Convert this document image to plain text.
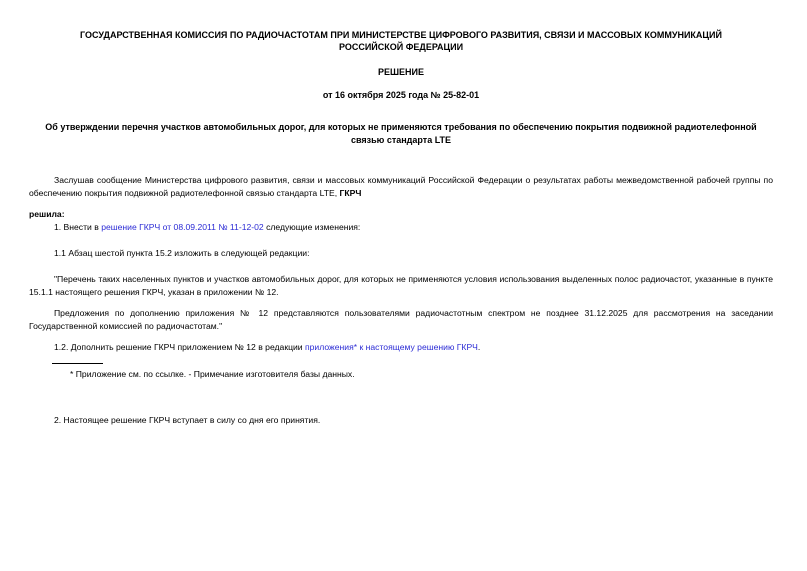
ГОСУДАРСТВЕННАЯ КОМИССИЯ ПО РАДИОЧАСТОТАМ ПРИ МИНИСТЕРСТВЕ ЦИФРОВОГО РАЗВИТИЯ, СВЯЗИ И МАССОВЫХ КОММУНИКАЦИЙ РОССИЙСКОЙ ФЕДЕРАЦИИ
РЕШЕНИЕ
от 16 октября 2025 года № 25-82-01
Об утверждении перечня участков автомобильных дорог, для которых не применяются требования по обеспечению покрытия подвижной радиотелефонной связью стандарта LTE
Заслушав сообщение Министерства цифрового развития, связи и массовых коммуникаций Российской Федерации о результатах работы межведомственной рабочей группы по обеспечению покрытия подвижной радиотелефонной связью стандарта LTE, ГКРЧ
решила:
1. Внести в решение ГКРЧ от 08.09.2011 № 11-12-02 следующие изменения:
1.1 Абзац шестой пункта 15.2 изложить в следующей редакции:
"Перечень таких населенных пунктов и участков автомобильных дорог, для которых не применяются условия использования выделенных полос радиочастот, указанные в пункте 15.1.1 настоящего решения ГКРЧ, указан в приложении № 12.
Предложения по дополнению приложения № 12 представляются пользователями радиочастотным спектром не позднее 31.12.2025 для рассмотрения на заседании Государственной комиссией по радиочастотам."
1.2. Дополнить решение ГКРЧ приложением № 12 в редакции приложения* к настоящему решению ГКРЧ.
* Приложение см. по ссылке. - Примечание изготовителя базы данных.
2. Настоящее решение ГКРЧ вступает в силу со дня его принятия.
